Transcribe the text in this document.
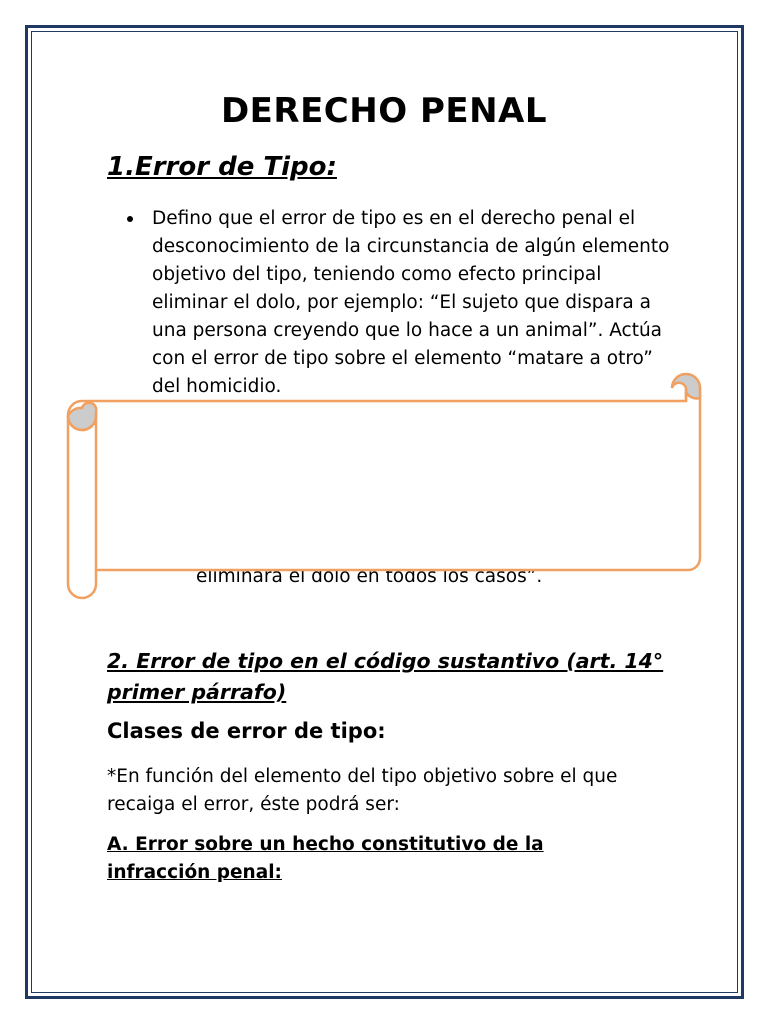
DERECHO PENAL
1.Error de Tipo:
Defino que el error de tipo es en el derecho penal el desconocimiento de la circunstancia de algún elemento objetivo del tipo, teniendo como efecto principal eliminar el dolo, por ejemplo: “El sujeto que dispara a una persona creyendo que lo hace a un animal”. Actúa con el error de tipo sobre el elemento “matare a otro” del homicidio.
eliminará el dolo en todos los casos”.
2. Error de tipo en el código sustantivo (art. 14° primer párrafo)
Clases de error de tipo:
*En función del elemento del tipo objetivo sobre el que recaiga el error, éste podrá ser:
A. Error sobre un hecho constitutivo de la infracción penal:
